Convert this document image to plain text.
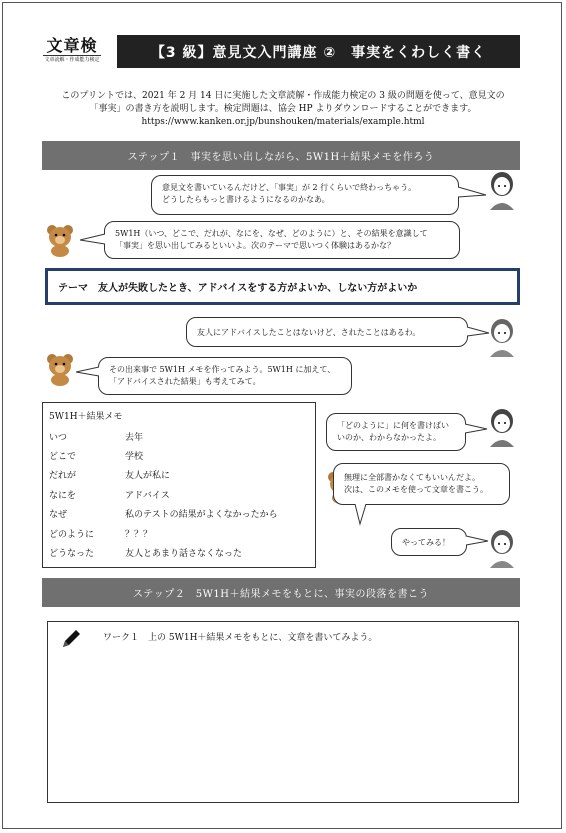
文章検
文章読解・作成能力検定	【3 級】意見文入門講座 ②　事実をくわしく書く
このプリントでは、2021 年 2 月 14 日に実施した文章読解・作成能力検定の 3 級の問題を使って、意見文の
「事実」の書き方を説明します。検定問題は、協会 HP よりダウンロードすることができます。
https://www.kanken.or.jp/bunshouken/materials/example.html
ステップ１　事実を思い出しながら、5W1H＋結果メモを作ろう
意見文を書いているんだけど、「事実」が 2 行くらいで終わっちゃう。
どうしたらもっと書けるようになるのかなあ。
5W1H（いつ、どこで、だれが、なにを、なぜ、どのように）と、その結果を意識して
「事実」を思い出してみるといいよ。次のテーマで思いつく体験はあるかな？
テーマ　友人が失敗したとき、アドバイスをする方がよいか、しない方がよいか
友人にアドバイスしたことはないけど、されたことはあるわ。
その出来事で 5W1H メモを作ってみよう。5W1H に加えて、
「アドバイスされた結果」も考えてみて。
5W1H＋結果メモ
いつ	去年
どこで	学校
だれが	友人が私に
なにを	アドバイス
なぜ	私のテストの結果がよくなかったから
どのように	？？？
どうなった	友人とあまり話さなくなった
「どのように」に何を書けばい
いのか、わからなかったよ。
無理に全部書かなくてもいいんだよ。
次は、このメモを使って文章を書こう。
やってみる！
ステップ２　5W1H＋結果メモをもとに、事実の段落を書こう
ワーク１　上の 5W1H＋結果メモをもとに、文章を書いてみよう。
